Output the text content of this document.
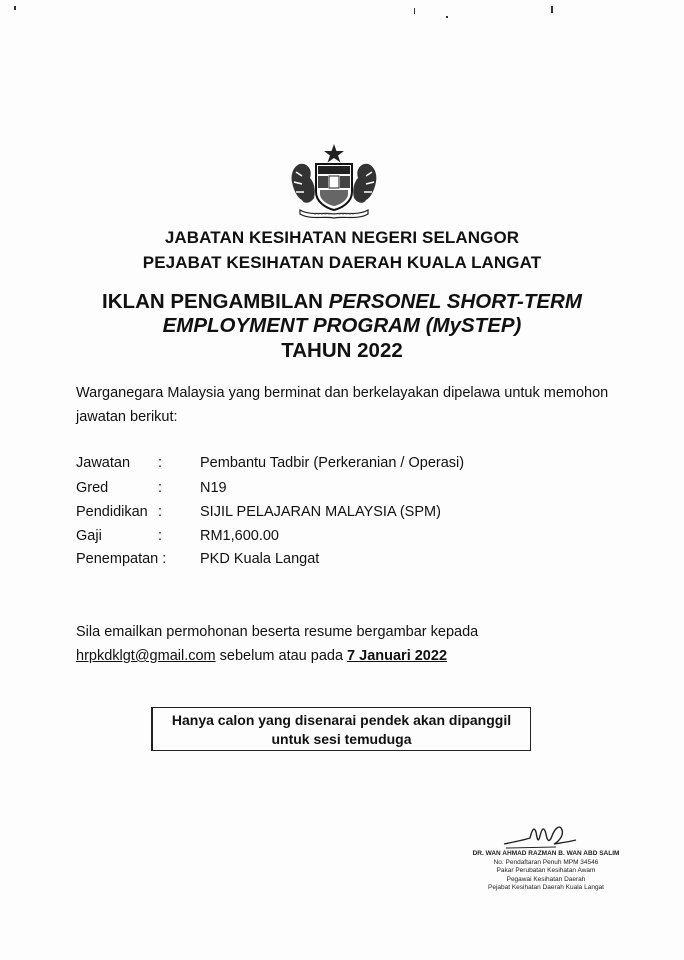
JABATAN KESIHATAN NEGERI SELANGOR
PEJABAT KESIHATAN DAERAH KUALA LANGAT
IKLAN PENGAMBILAN PERSONEL SHORT-TERM
EMPLOYMENT PROGRAM (MySTEP)
TAHUN 2022
Warganegara Malaysia yang berminat dan berkelayakan dipelawa untuk memohon
jawatan berikut:
Jawatan :	Pembantu Tadbir (Perkeranian / Operasi)
Gred	:	N19
Pendidikan :	SIJIL PELAJARAN MALAYSIA (SPM)
Gaji	:	RM1,600.00
Penempatan : PKD Kuala Langat
Sila emailkan permohonan beserta resume bergambar kepada
hrpkdklgt@gmail.com sebelum atau pada 7 Januari 2022
Hanya calon yang disenarai pendek akan dipanggil
untuk sesi temuduga
DR. WAN AHMAD RAZMAN B. WAN ABD SALIM
No. Pendaftaran Penuh MPM 34546
Pakar Perubatan Kesihatan Awam
Pegawai Kesihatan Daerah
Pejabat Kesihatan Daerah Kuala Langat
